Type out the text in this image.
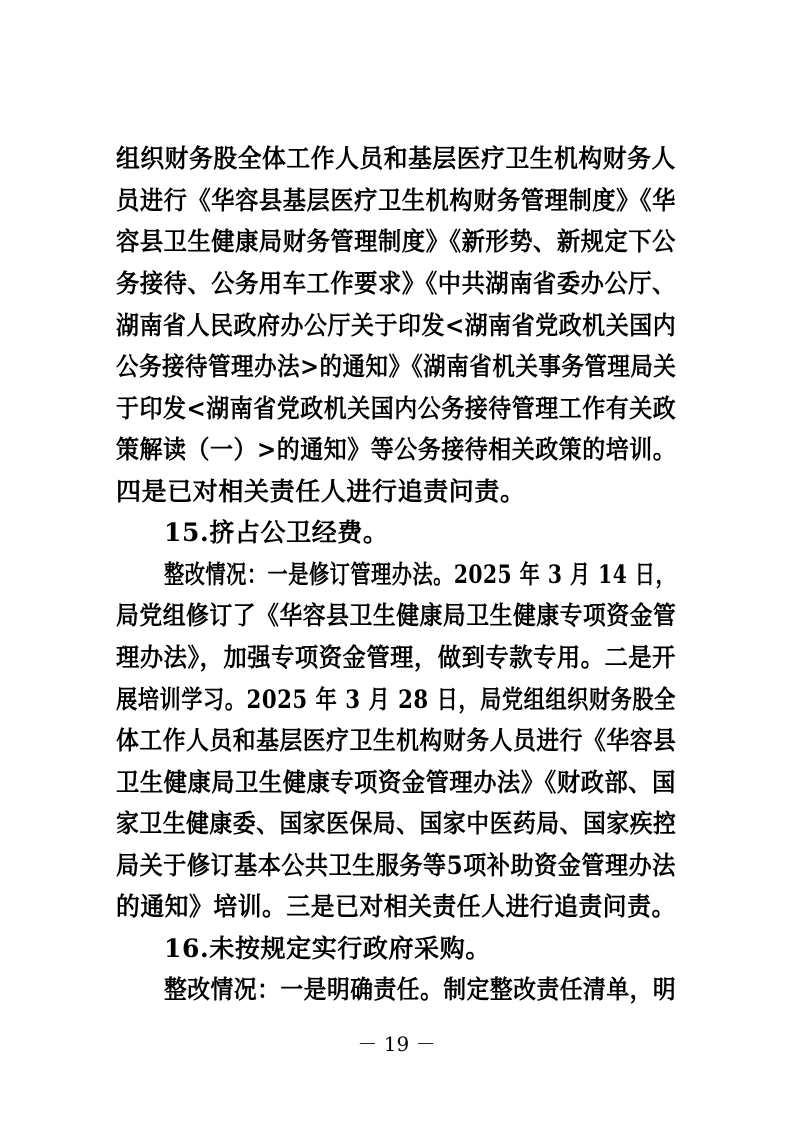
组织财务股全体工作人员和基层医疗卫生机构财务人
员进行《华容县基层医疗卫生机构财务管理制度》《华
容县卫生健康局财务管理制度》《新形势、新规定下公
务接待、公务用车工作要求》《中共湖南省委办公厅、
湖南省人民政府办公厅关于印发<湖南省党政机关国内
公务接待管理办法>的通知》《湖南省机关事务管理局关
于印发<湖南省党政机关国内公务接待管理工作有关政
策解读（一）>的通知》等公务接待相关政策的培训。
四是已对相关责任人进行追责问责。
15.挤占公卫经费。
整改情况：一是修订管理办法。2025 年 3 月 14 日，
局党组修订了《华容县卫生健康局卫生健康专项资金管
理办法》，加强专项资金管理，做到专款专用。二是开
展培训学习。2025 年 3 月 28 日，局党组组织财务股全
体工作人员和基层医疗卫生机构财务人员进行《华容县
卫生健康局卫生健康专项资金管理办法》《财政部、国
家卫生健康委、国家医保局、国家中医药局、国家疾控
局关于修订基本公共卫生服务等5项补助资金管理办法
的通知》培训。三是已对相关责任人进行追责问责。
16.未按规定实行政府采购。
整改情况：一是明确责任。制定整改责任清单，明
－ 19 －
